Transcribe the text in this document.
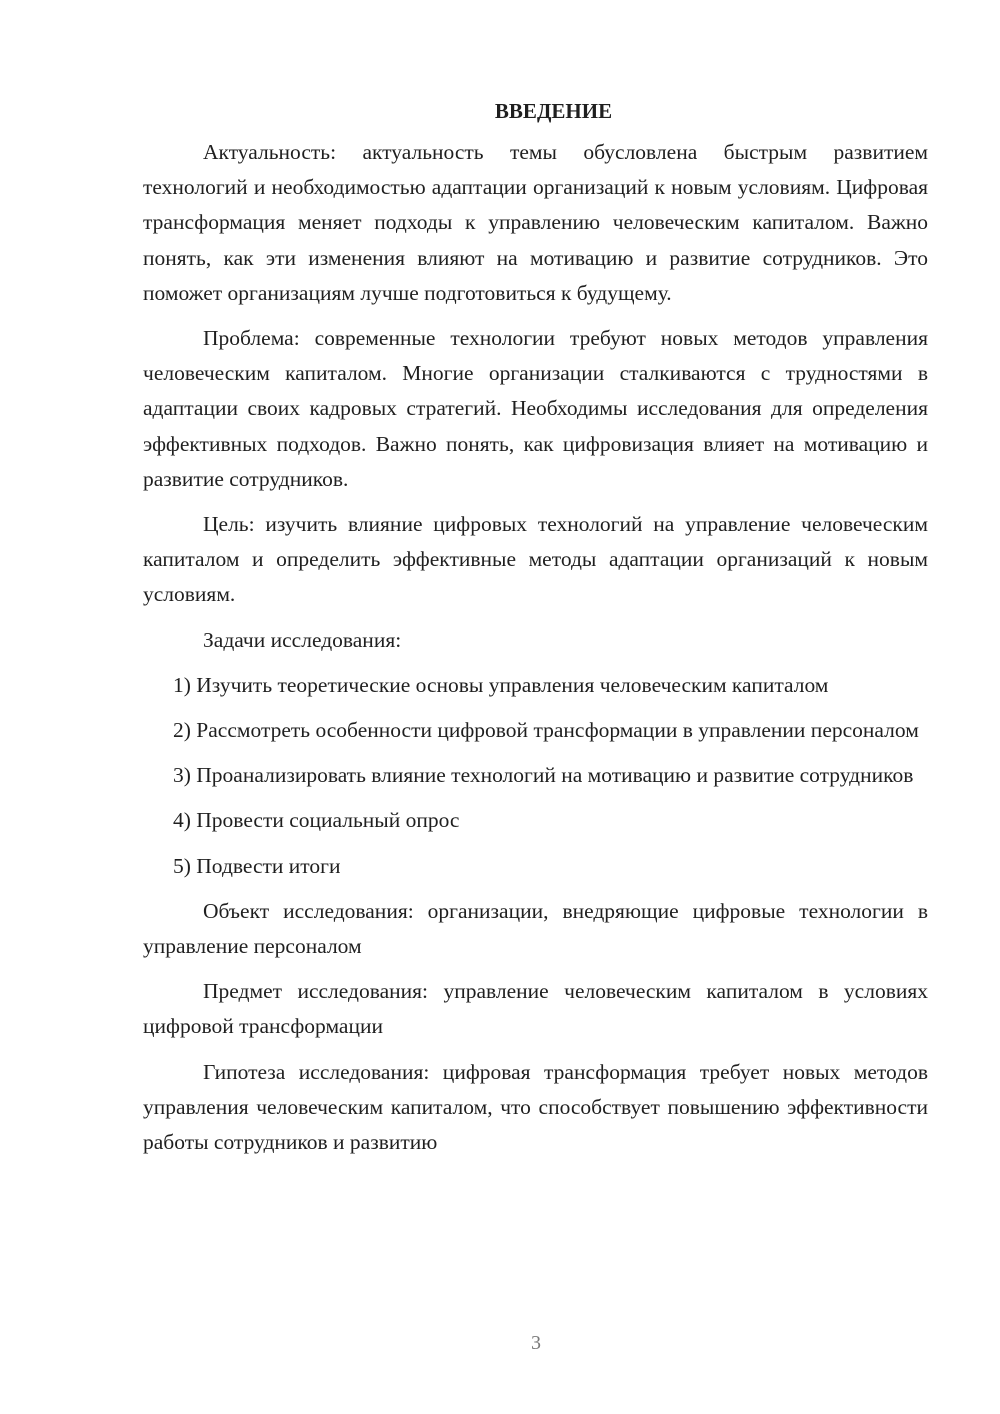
ВВЕДЕНИЕ

Актуальность: актуальность темы обусловлена быстрым развитием технологий и необходимостью адаптации организаций к новым условиям. Цифровая трансформация меняет подходы к управлению человеческим капиталом. Важно понять, как эти изменения влияют на мотивацию и развитие сотрудников. Это поможет организациям лучше подготовиться к будущему.

Проблема: современные технологии требуют новых методов управления человеческим капиталом. Многие организации сталкиваются с трудностями в адаптации своих кадровых стратегий. Необходимы исследования для определения эффективных подходов. Важно понять, как цифровизация влияет на мотивацию и развитие сотрудников.

Цель: изучить влияние цифровых технологий на управление человеческим капиталом и определить эффективные методы адаптации организаций к новым условиям.

Задачи исследования:

1) Изучить теоретические основы управления человеческим капиталом

2) Рассмотреть особенности цифровой трансформации в управлении персоналом

3) Проанализировать влияние технологий на мотивацию и развитие сотрудников

4) Провести социальный опрос

5) Подвести итоги

Объект исследования: организации, внедряющие цифровые технологии в управление персоналом

Предмет исследования: управление человеческим капиталом в условиях цифровой трансформации

Гипотеза исследования: цифровая трансформация требует новых методов управления человеческим капиталом, что способствует повышению эффективности работы сотрудников и развитию

3
